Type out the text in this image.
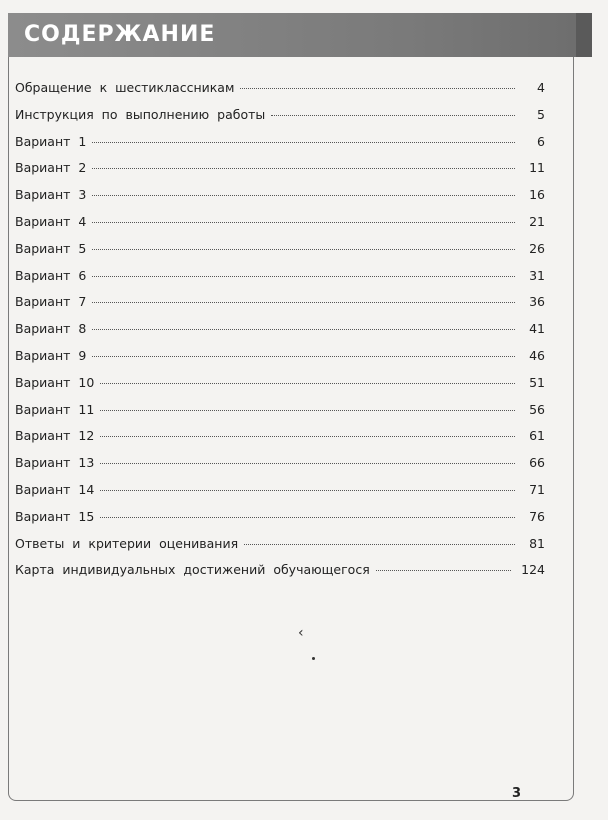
СОДЕРЖАНИЕ
Обращение к шестиклассникам	4
Инструкция по выполнению работы	5
Вариант 1	6
Вариант 2	11
Вариант 3	16
Вариант 4	21
Вариант 5	26
Вариант 6	31
Вариант 7	36
Вариант 8	41
Вариант 9	46
Вариант 10	51
Вариант 11	56
Вариант 12	61
Вариант 13	66
Вариант 14	71
Вариант 15	76
Ответы и критерии оценивания	81
Карта индивидуальных достижений обучающегося	124
‹
3
